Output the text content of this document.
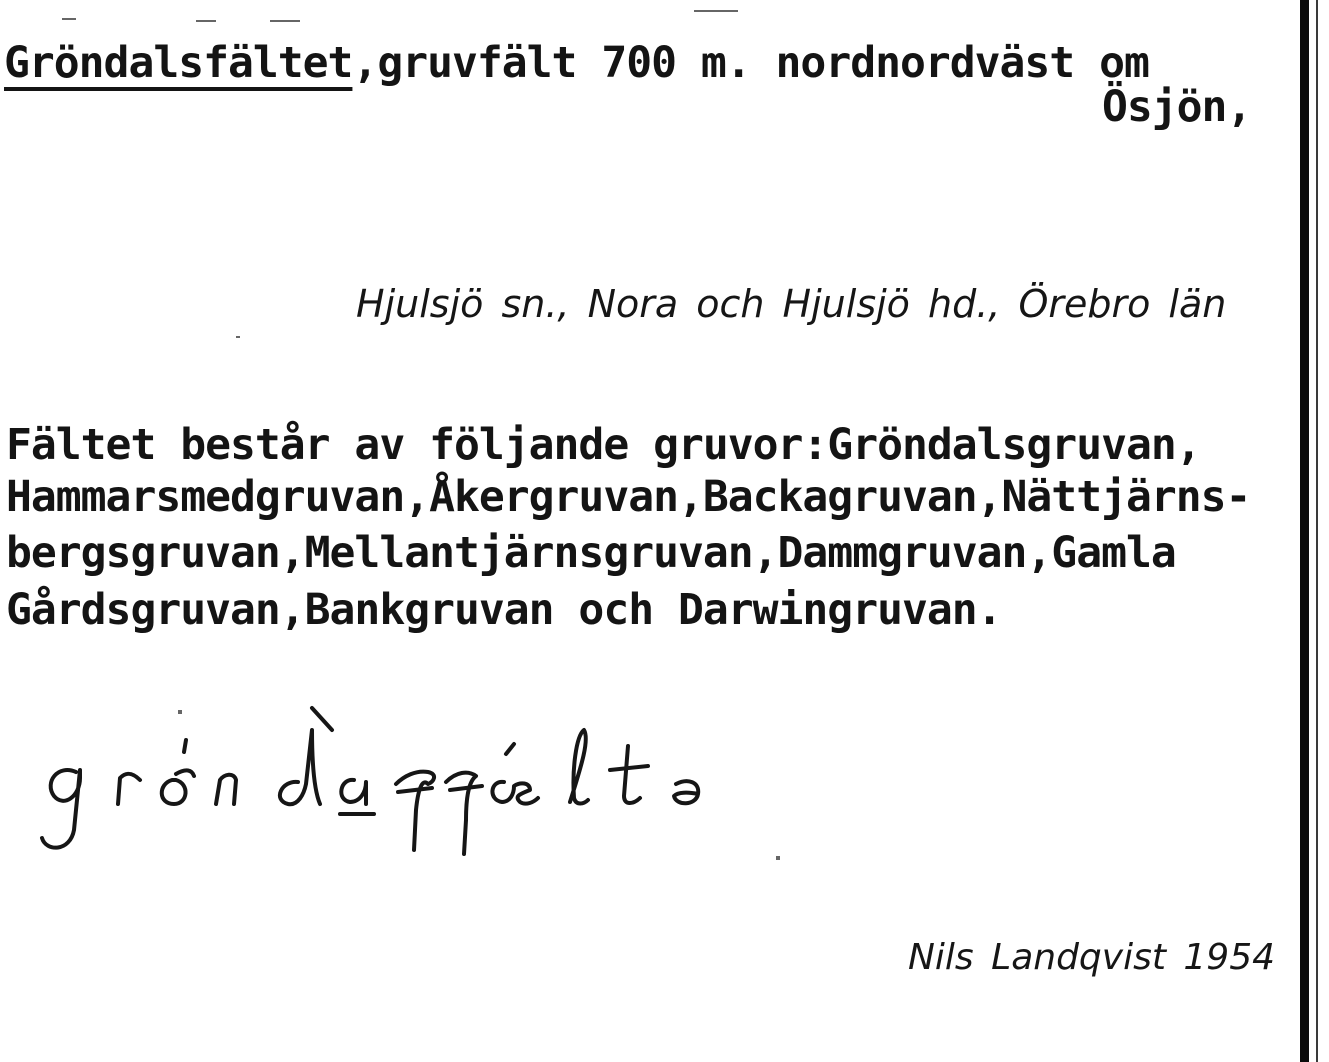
Gröndalsfältet,gruvfält 700 m. nordnordväst om
Ösjön,
Hjulsjö sn., Nora och Hjulsjö hd., Örebro län
Fältet består av följande gruvor:Gröndalsgruvan,
Hammarsmedgruvan,Åkergruvan,Backagruvan,Nättjärns-
bergsgruvan,Mellantjärnsgruvan,Dammgruvan,Gamla
Gårdsgruvan,Bankgruvan och Darwingruvan.
Nils Landqvist 1954
